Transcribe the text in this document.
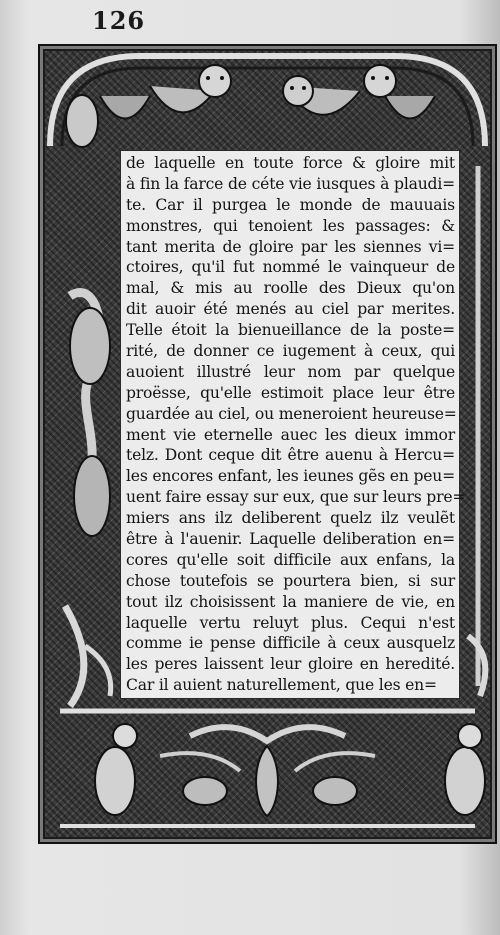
126
de laquelle en toute force & gloire mit
à fin la farce de céte vie iusques à plaudi=
te. Car il purgea le monde de mauuais
monstres, qui tenoient les passages: &
tant merita de gloire par les siennes vi=
ctoires, qu'il fut nommé le vainqueur de
mal, & mis au roolle des Dieux qu'on
dit auoir été menés au ciel par merites.
Telle étoit la bienueillance de la poste=
rité, de donner ce iugement à ceux, qui
auoient illustré leur nom par quelque
proësse, qu'elle estimoit place leur être
guardée au ciel, ou meneroient heureuse=
ment vie eternelle auec les dieux immor
telz. Dont ceque dit être auenu à Hercu=
les encores enfant, les ieunes gẽs en peu=
uent faire essay sur eux, que sur leurs pre=
miers ans ilz deliberent quelz ilz veulẽt
être à l'auenir. Laquelle deliberation en=
cores qu'elle soit difficile aux enfans, la
chose toutefois se pourtera bien, si sur
tout ilz choisissent la maniere de vie, en
laquelle vertu reluyt plus. Cequi n'est
comme ie pense difficile à ceux ausquelz
les peres laissent leur gloire en heredité.
Car il auient naturellement, que les en=
